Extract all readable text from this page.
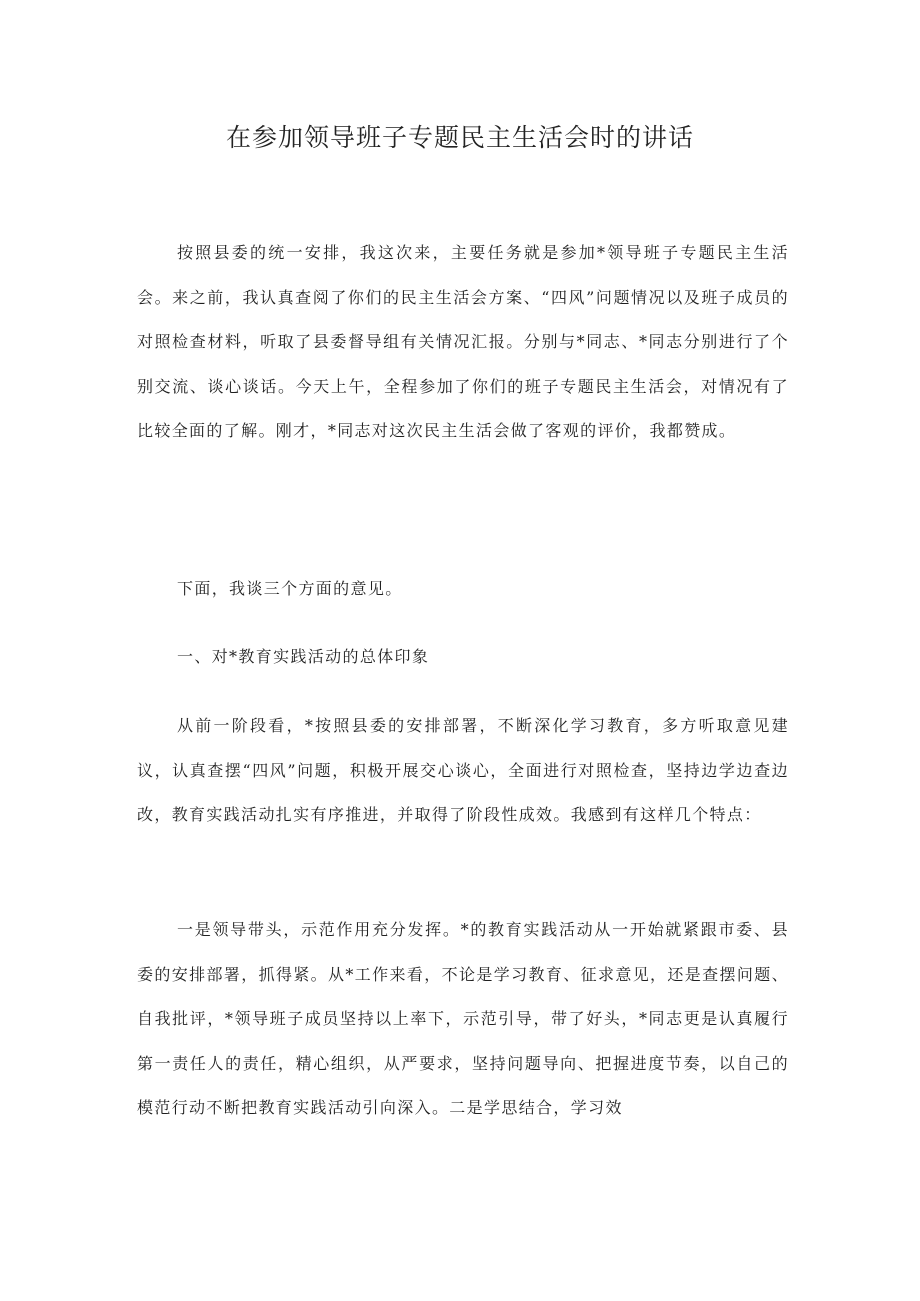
在参加领导班子专题民主生活会时的讲话

按照县委的统一安排，我这次来，主要任务就是参加*领导班子专题民主生活会。来之前，我认真查阅了你们的民主生活会方案、“四风”问题情况以及班子成员的对照检查材料，听取了县委督导组有关情况汇报。分别与*同志、*同志分别进行了个别交流、谈心谈话。今天上午，全程参加了你们的班子专题民主生活会，对情况有了比较全面的了解。刚才，*同志对这次民主生活会做了客观的评价，我都赞成。

下面，我谈三个方面的意见。

一、对*教育实践活动的总体印象

从前一阶段看，*按照县委的安排部署，不断深化学习教育，多方听取意见建议，认真查摆“四风”问题，积极开展交心谈心，全面进行对照检查，坚持边学边查边改，教育实践活动扎实有序推进，并取得了阶段性成效。我感到有这样几个特点：

一是领导带头，示范作用充分发挥。*的教育实践活动从一开始就紧跟市委、县委的安排部署，抓得紧。从*工作来看，不论是学习教育、征求意见，还是查摆问题、自我批评，*领导班子成员坚持以上率下，示范引导，带了好头，*同志更是认真履行第一责任人的责任，精心组织，从严要求，坚持问题导向、把握进度节奏，以自己的模范行动不断把教育实践活动引向深入。二是学思结合，学习效
